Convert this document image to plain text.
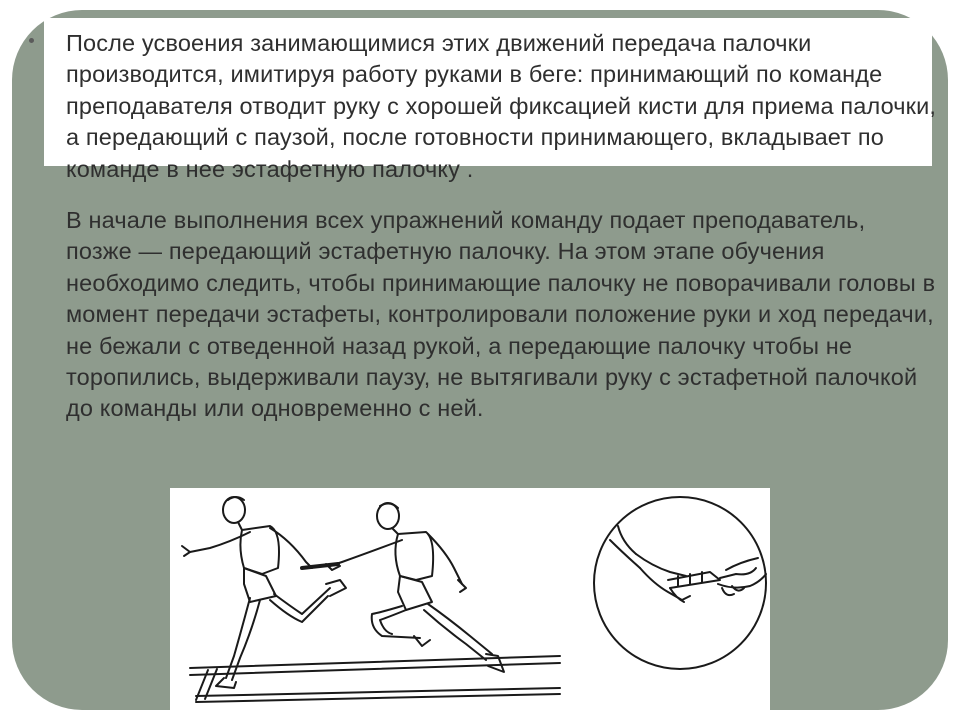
После усвоения занимающимися этих движений передача палочки производится, имитируя работу руками в беге: принимающий по команде преподавателя отводит руку с хорошей фиксацией кисти для приема палочки, а передающий с паузой, после готовности принимающего, вкладывает по команде в нее эстафетную палочку .

В начале выполнения всех упражнений команду подает преподаватель, позже — передающий эстафетную палочку. На этом этапе обучения необходимо следить, чтобы принимающие палочку не поворачивали головы в момент передачи эстафеты, контролировали положение руки и ход передачи, не бежали с отведенной назад рукой, а передающие палочку чтобы не торопились, выдерживали паузу, не вытягивали руку с эстафетной палочкой до команды или одновременно с ней.
